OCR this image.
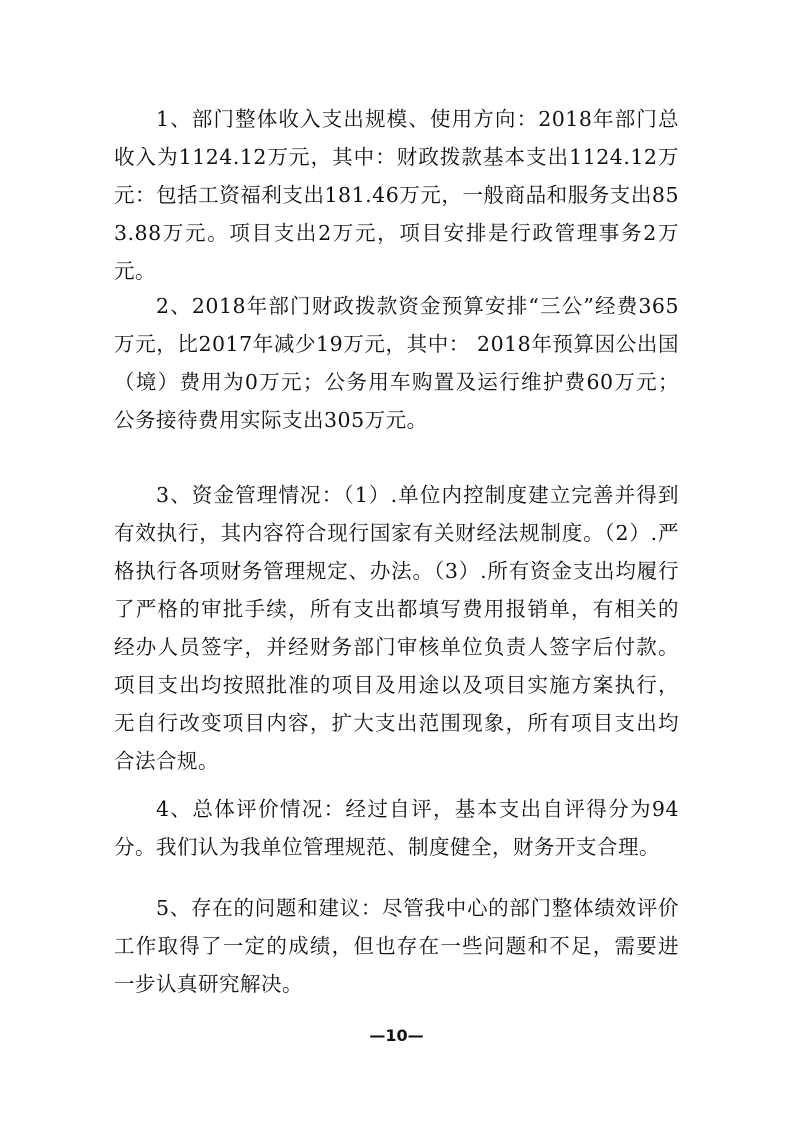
1、部门整体收入支出规模、使用方向：2018年部门总收入为1124.12万元，其中：财政拨款基本支出1124.12万元：包括工资福利支出181.46万元，一般商品和服务支出853.88万元。项目支出2万元，项目安排是行政管理事务2万元。

2、2018年部门财政拨款资金预算安排“三公”经费365万元，比2017年减少19万元，其中： 2018年预算因公出国（境）费用为0万元；公务用车购置及运行维护费60万元；公务接待费用实际支出305万元。

3、资金管理情况：（1）.单位内控制度建立完善并得到有效执行，其内容符合现行国家有关财经法规制度。（2）.严格执行各项财务管理规定、办法。（3）.所有资金支出均履行了严格的审批手续，所有支出都填写费用报销单，有相关的经办人员签字，并经财务部门审核单位负责人签字后付款。项目支出均按照批准的项目及用途以及项目实施方案执行，无自行改变项目内容，扩大支出范围现象，所有项目支出均合法合规。

4、总体评价情况：经过自评，基本支出自评得分为94分。我们认为我单位管理规范、制度健全，财务开支合理。

5、存在的问题和建议：尽管我中心的部门整体绩效评价工作取得了一定的成绩，但也存在一些问题和不足，需要进一步认真研究解决。

—10—
